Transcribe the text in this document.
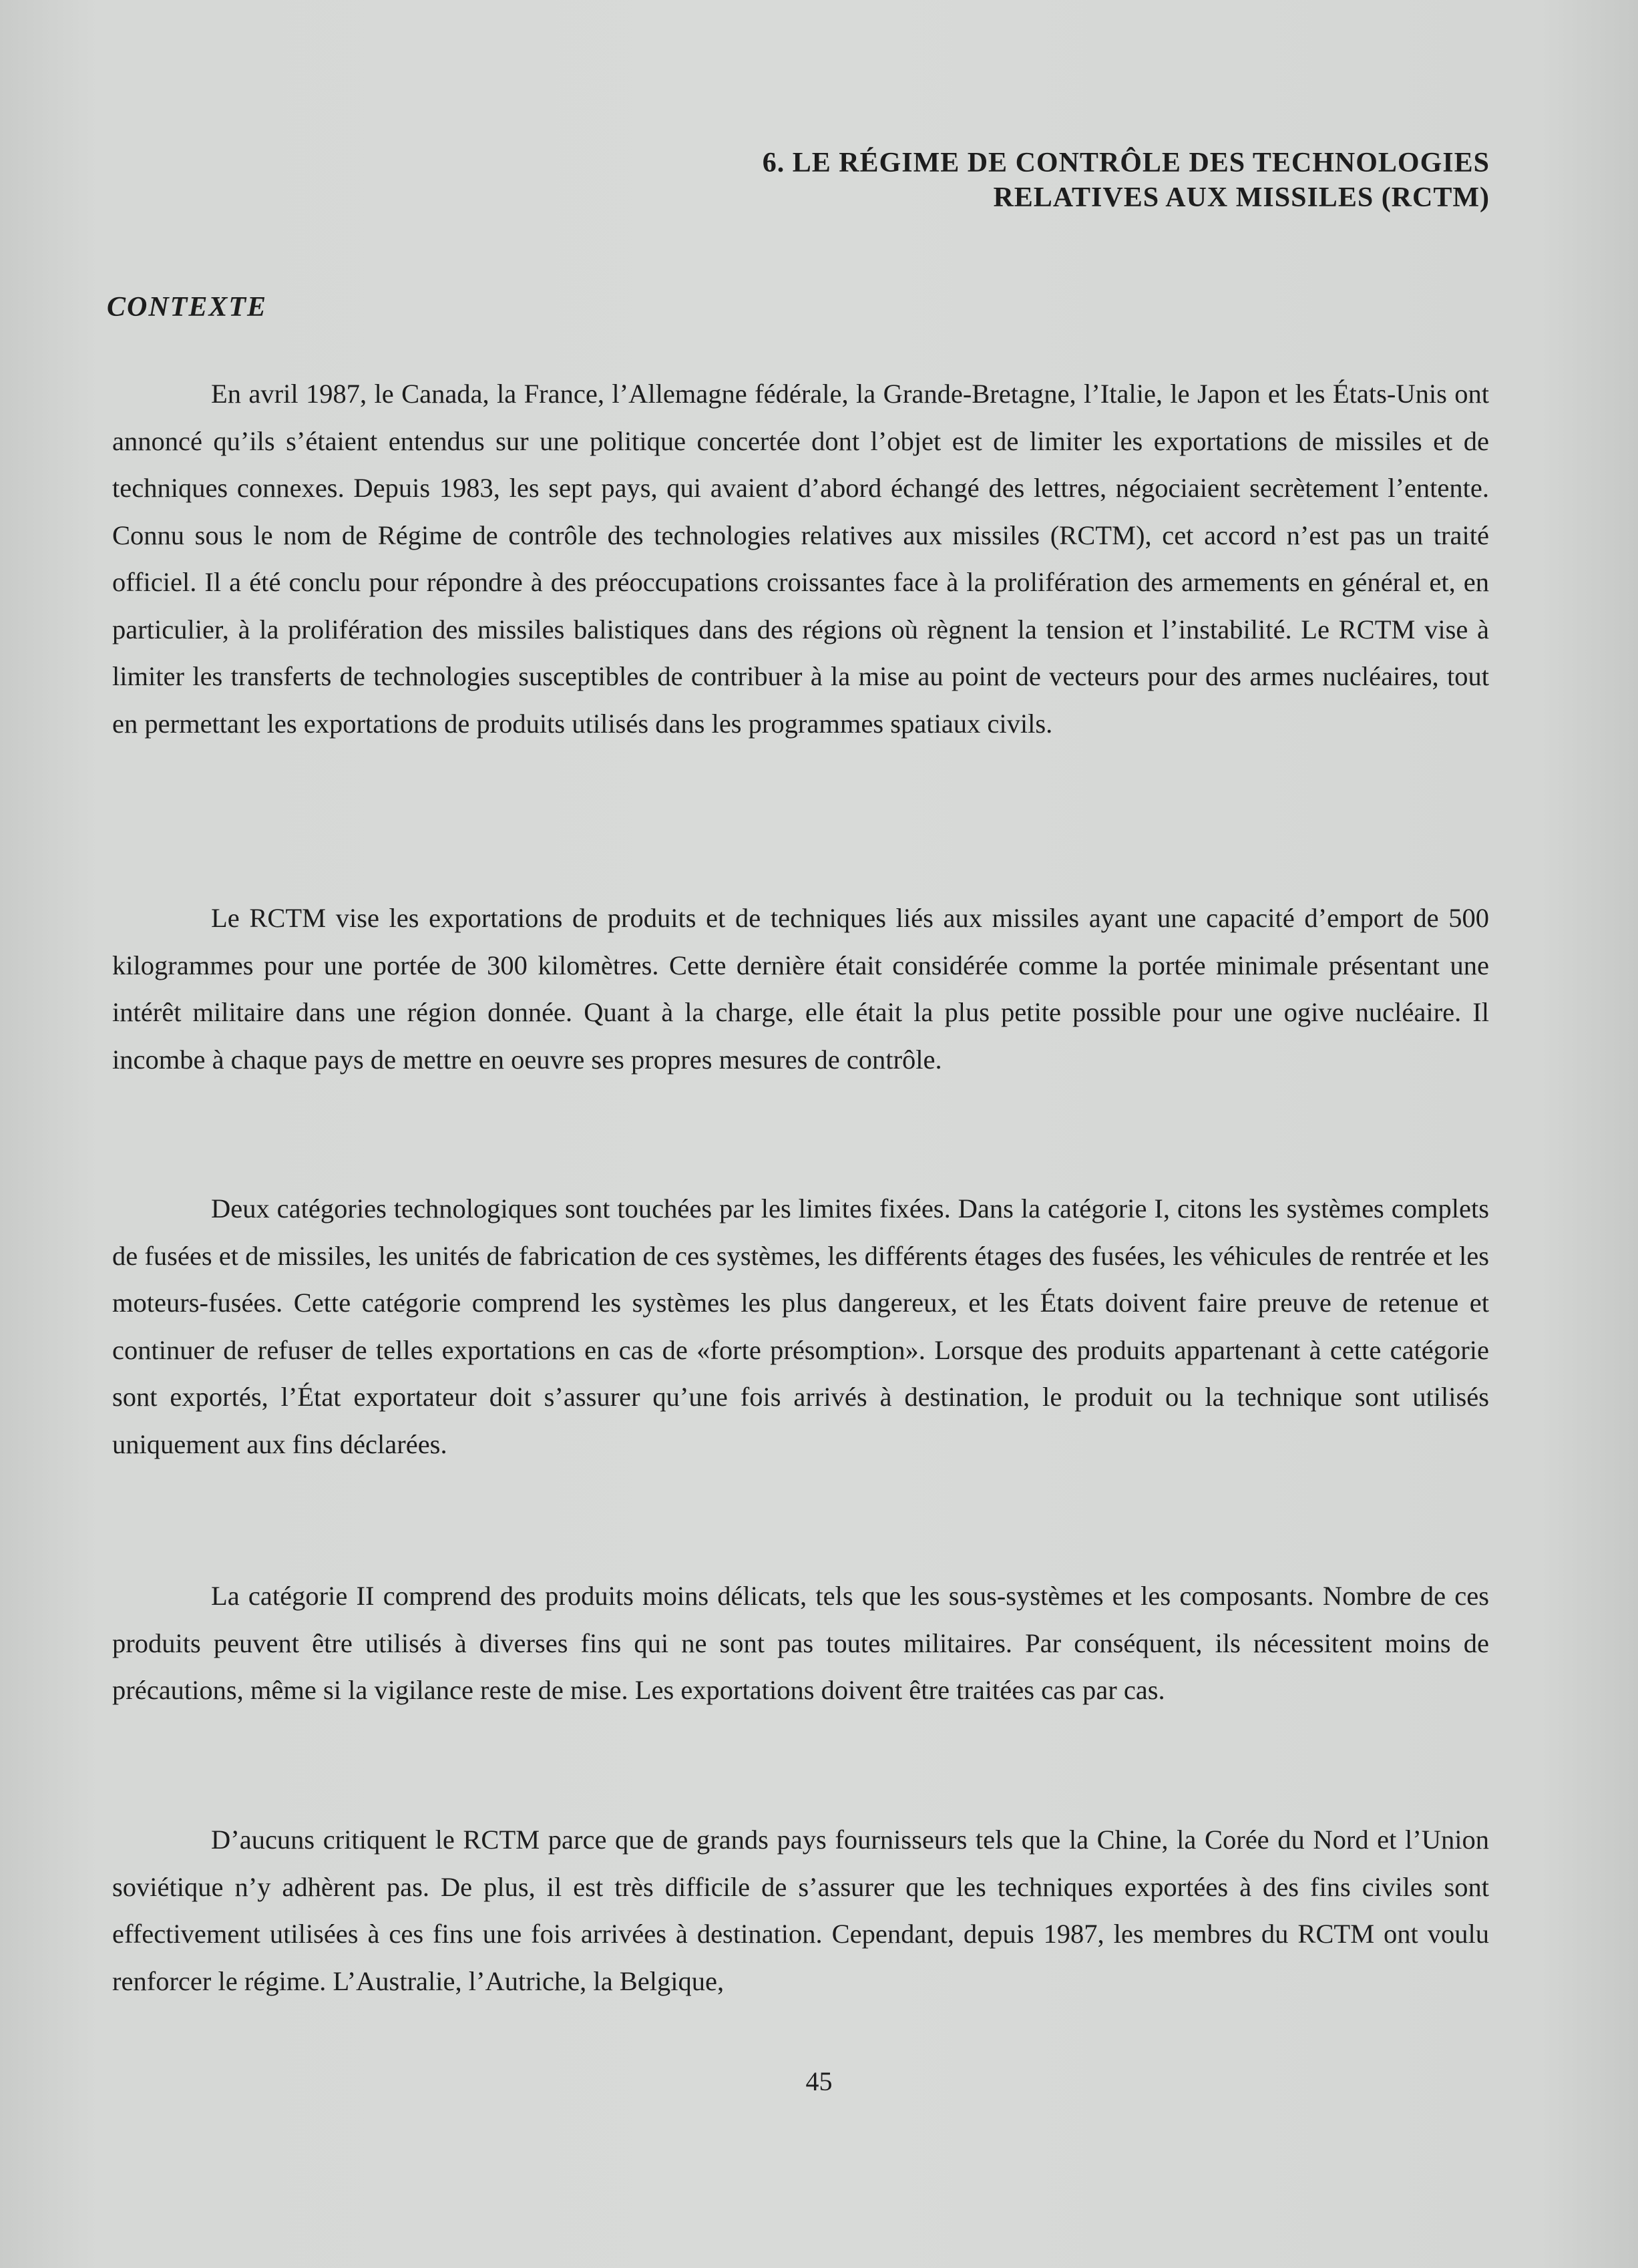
6. LE RÉGIME DE CONTRÔLE DES TECHNOLOGIES
RELATIVES AUX MISSILES (RCTM)
CONTEXTE

En avril 1987, le Canada, la France, l’Allemagne fédérale, la Grande-Bretagne, l’Italie, le Japon et les États-Unis ont annoncé qu’ils s’étaient entendus sur une politique concertée dont l’objet est de limiter les exportations de missiles et de techniques connexes. Depuis 1983, les sept pays, qui avaient d’abord échangé des lettres, négociaient secrètement l’entente. Connu sous le nom de Régime de contrôle des technologies relatives aux missiles (RCTM), cet accord n’est pas un traité officiel. Il a été conclu pour répondre à des préoccupations croissantes face à la prolifération des armements en général et, en particulier, à la prolifération des missiles balistiques dans des régions où règnent la tension et l’instabilité. Le RCTM vise à limiter les transferts de technologies susceptibles de contribuer à la mise au point de vecteurs pour des armes nucléaires, tout en permettant les exportations de produits utilisés dans les programmes spatiaux civils.

Le RCTM vise les exportations de produits et de techniques liés aux missiles ayant une capacité d’emport de 500 kilogrammes pour une portée de 300 kilomètres. Cette dernière était considérée comme la portée minimale présentant une intérêt militaire dans une région donnée. Quant à la charge, elle était la plus petite possible pour une ogive nucléaire. Il incombe à chaque pays de mettre en oeuvre ses propres mesures de contrôle.

Deux catégories technologiques sont touchées par les limites fixées. Dans la catégorie I, citons les systèmes complets de fusées et de missiles, les unités de fabrication de ces systèmes, les différents étages des fusées, les véhicules de rentrée et les moteurs-fusées. Cette catégorie comprend les systèmes les plus dangereux, et les États doivent faire preuve de retenue et continuer de refuser de telles exportations en cas de «forte présomption». Lorsque des produits appartenant à cette catégorie sont exportés, l’État exportateur doit s’assurer qu’une fois arrivés à destination, le produit ou la technique sont utilisés uniquement aux fins déclarées.

La catégorie II comprend des produits moins délicats, tels que les sous-systèmes et les composants. Nombre de ces produits peuvent être utilisés à diverses fins qui ne sont pas toutes militaires. Par conséquent, ils nécessitent moins de précautions, même si la vigilance reste de mise. Les exportations doivent être traitées cas par cas.

D’aucuns critiquent le RCTM parce que de grands pays fournisseurs tels que la Chine, la Corée du Nord et l’Union soviétique n’y adhèrent pas. De plus, il est très difficile de s’assurer que les techniques exportées à des fins civiles sont effectivement utilisées à ces fins une fois arrivées à destination. Cependant, depuis 1987, les membres du RCTM ont voulu renforcer le régime. L’Australie, l’Autriche, la Belgique,

45
